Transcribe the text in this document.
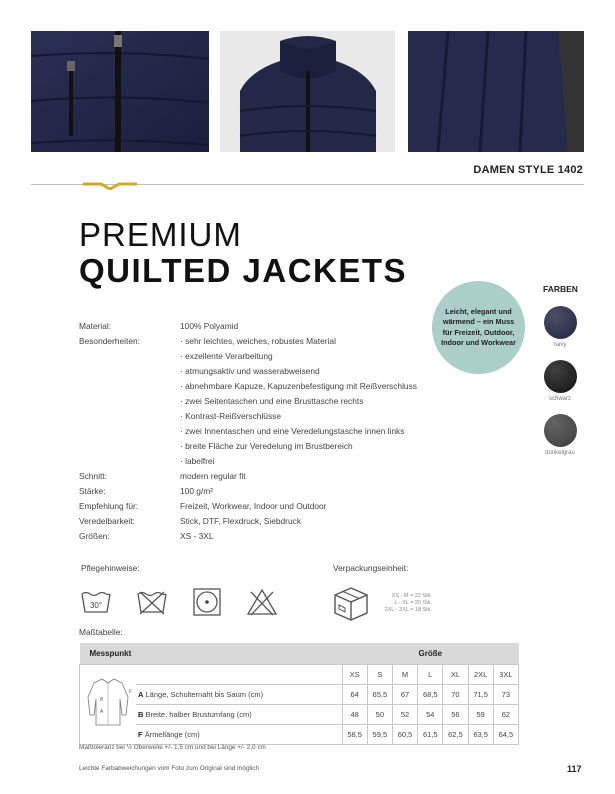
DAMEN STYLE 1402
PREMIUM
QUILTED JACKETS
Leicht, elegant und wärmend – ein Muss für Freizeit, Outdoor, Indoor und Workwear
FARBEN
navy
schwarz
dunkelgrau
Material:	100% Polyamid
Besonderheiten:	· sehr leichtes, weiches, robustes Material
· exzellente Verarbeitung
· atmungsaktiv und wasserabweisend
· abnehmbare Kapuze, Kapuzenbefestigung mit Reißverschluss
· zwei Seitentaschen und eine Brusttasche rechts
· Kontrast-Reißverschlüsse
· zwei Innentaschen und eine Veredelungstasche innen links
· breite Fläche zur Veredelung im Brustbereich
· labelfrei
Schnitt:	modern regular fit
Stärke:	100 g/m²
Empfehlung für:	Freizeit, Workwear, Indoor und Outdoor
Veredelbarkeit:	Stick, DTF, Flexdruck, Siebdruck
Größen:	XS - 3XL
Pflegehinweise:	Verpackungseinheit:
30°
XS - M = 22 Stk.
L - XL = 20 Stk.
2XL - 3XL = 18 Stk.
Maßtabelle:
Messpunkt		Größe						

B
A
F		XS	S	M	L	XL	2XL	3XL
	A Länge, Schulternaht bis Saum (cm)	64	65,5	67	68,5	70	71,5	73
	B Breite, halber Brustumfang (cm)	48	50	52	54	56	59	62
	F Ärmellänge (cm)	58,5	59,5	60,5	61,5	62,5	63,5	64,5
Maßtoleranz bei ½ Oberweite +/- 1,5 cm und bei Länge +/- 2,0 cm
Leichte Farbabweichungen vom Foto zum Original sind möglich	117
